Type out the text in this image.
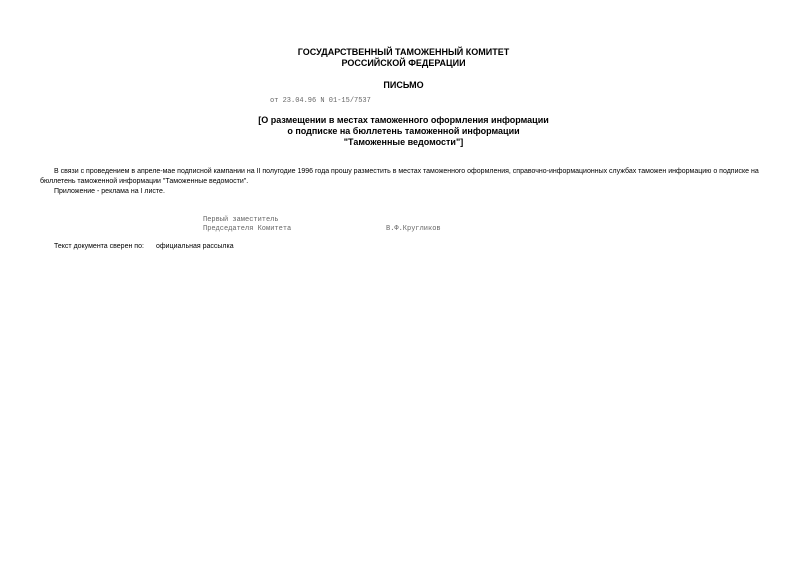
ГОСУДАРСТВЕННЫЙ ТАМОЖЕННЫЙ КОМИТЕТ
РОССИЙСКОЙ ФЕДЕРАЦИИ
ПИСЬМО
от 23.04.96 N 01-15/7537
[О размещении в местах таможенного оформления информации
о подписке на бюллетень таможенной информации
"Таможенные ведомости"]
В связи с проведением в апреле-мае подписной кампании на II полугодие 1996 года прошу разместить в местах таможенного оформления, справочно-информационных службах таможен информацию о подписке на бюллетень таможенной информации "Таможенные ведомости".
Приложение - реклама на I листе.
Первый заместитель
Председателя Комитета	В.Ф.Кругликов
Текст документа сверен по: официальная рассылка
